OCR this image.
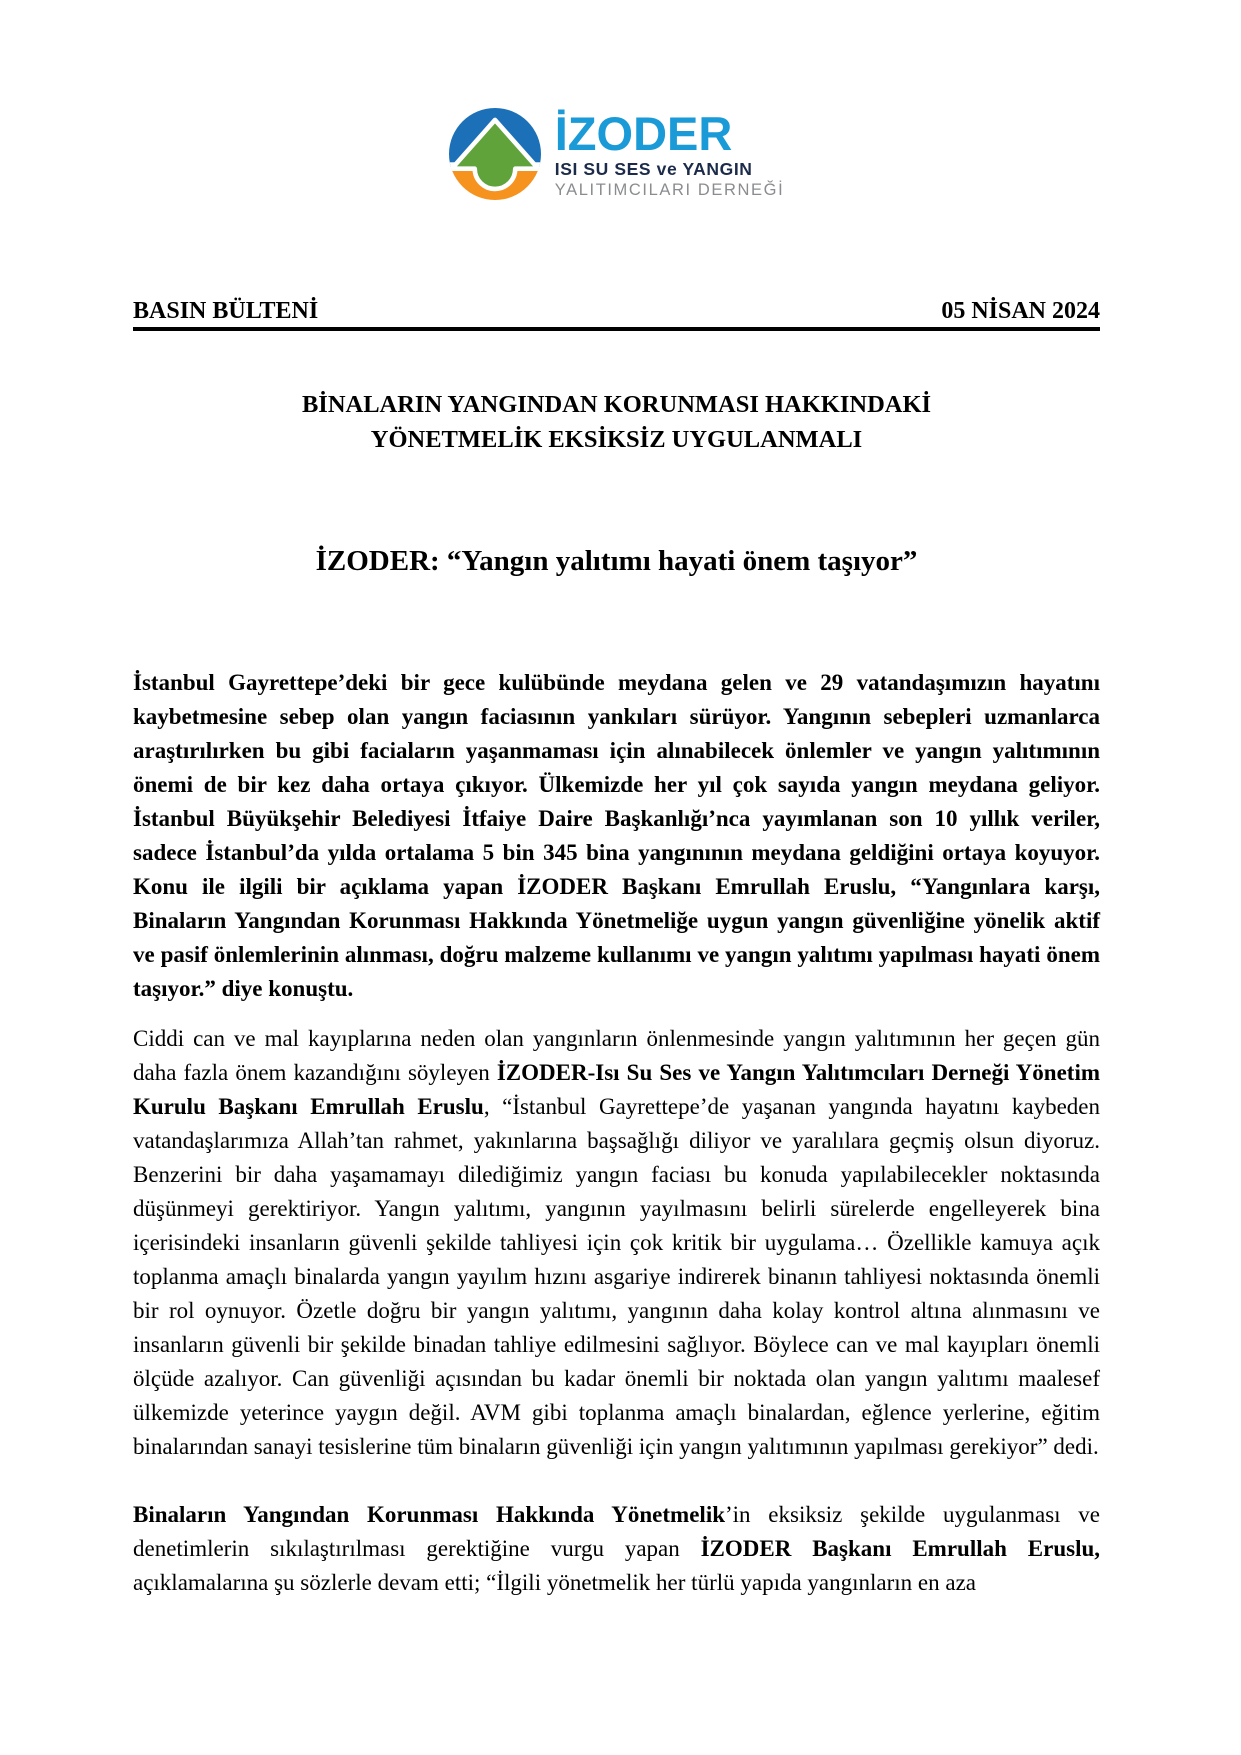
İZODER
ISI SU SES ve YANGIN
YALITIMCILARI DERNEĞİ
BASIN BÜLTENİ	05 NİSAN 2024
BİNALARIN YANGINDAN KORUNMASI HAKKINDAKİ
YÖNETMELİK EKSİKSİZ UYGULANMALI
İZODER: “Yangın yalıtımı hayati önem taşıyor”

İstanbul Gayrettepe’deki bir gece kulübünde meydana gelen ve 29 vatandaşımızın hayatını kaybetmesine sebep olan yangın faciasının yankıları sürüyor. Yangının sebepleri uzmanlarca araştırılırken bu gibi faciaların yaşanmaması için alınabilecek önlemler ve yangın yalıtımının önemi de bir kez daha ortaya çıkıyor. Ülkemizde her yıl çok sayıda yangın meydana geliyor. İstanbul Büyükşehir Belediyesi İtfaiye Daire Başkanlığı’nca yayımlanan son 10 yıllık veriler, sadece İstanbul’da yılda ortalama 5 bin 345 bina yangınının meydana geldiğini ortaya koyuyor. Konu ile ilgili bir açıklama yapan İZODER Başkanı Emrullah Eruslu, “Yangınlara karşı, Binaların Yangından Korunması Hakkında Yönetmeliğe uygun yangın güvenliğine yönelik aktif ve pasif önlemlerinin alınması, doğru malzeme kullanımı ve yangın yalıtımı yapılması hayati önem taşıyor.” diye konuştu.

Ciddi can ve mal kayıplarına neden olan yangınların önlenmesinde yangın yalıtımının her geçen gün daha fazla önem kazandığını söyleyen İZODER-Isı Su Ses ve Yangın Yalıtımcıları Derneği Yönetim Kurulu Başkanı Emrullah Eruslu, “İstanbul Gayrettepe’de yaşanan yangında hayatını kaybeden vatandaşlarımıza Allah’tan rahmet, yakınlarına başsağlığı diliyor ve yaralılara geçmiş olsun diyoruz. Benzerini bir daha yaşamamayı dilediğimiz yangın faciası bu konuda yapılabilecekler noktasında düşünmeyi gerektiriyor. Yangın yalıtımı, yangının yayılmasını belirli sürelerde engelleyerek bina içerisindeki insanların güvenli şekilde tahliyesi için çok kritik bir uygulama… Özellikle kamuya açık toplanma amaçlı binalarda yangın yayılım hızını asgariye indirerek binanın tahliyesi noktasında önemli bir rol oynuyor. Özetle doğru bir yangın yalıtımı, yangının daha kolay kontrol altına alınmasını ve insanların güvenli bir şekilde binadan tahliye edilmesini sağlıyor. Böylece can ve mal kayıpları önemli ölçüde azalıyor. Can güvenliği açısından bu kadar önemli bir noktada olan yangın yalıtımı maalesef ülkemizde yeterince yaygın değil. AVM gibi toplanma amaçlı binalardan, eğlence yerlerine, eğitim binalarından sanayi tesislerine tüm binaların güvenliği için yangın yalıtımının yapılması gerekiyor” dedi.

Binaların Yangından Korunması Hakkında Yönetmelik’in eksiksiz şekilde uygulanması ve denetimlerin sıkılaştırılması gerektiğine vurgu yapan İZODER Başkanı Emrullah Eruslu, açıklamalarına şu sözlerle devam etti; “İlgili yönetmelik her türlü yapıda yangınların en aza
